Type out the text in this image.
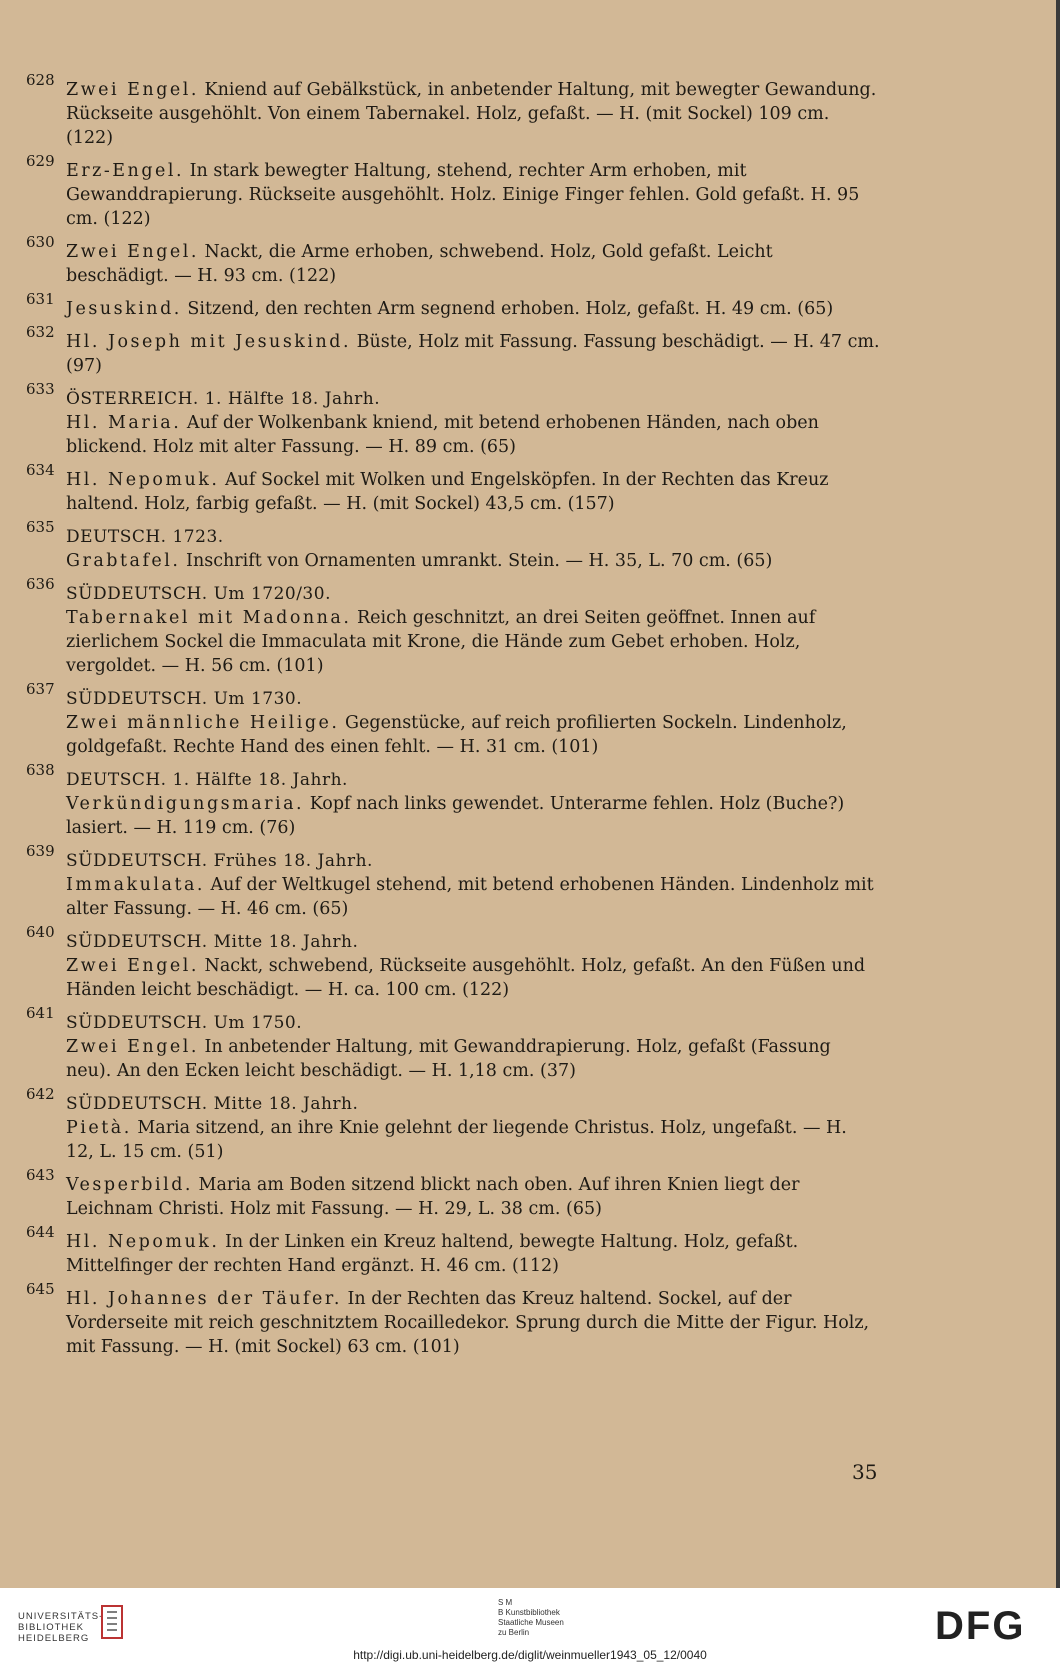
628 Zwei Engel. Kniend auf Gebälkstück, in anbetender Haltung, mit bewegter Gewandung. Rückseite ausgehöhlt. Von einem Tabernakel. Holz, gefaßt. — H. (mit Sockel) 109 cm. (122)
629 Erz-Engel. In stark bewegter Haltung, stehend, rechter Arm erhoben, mit Gewanddrapierung. Rückseite ausgehöhlt. Holz. Einige Finger fehlen. Gold gefaßt. H. 95 cm. (122)
630 Zwei Engel. Nackt, die Arme erhoben, schwebend. Holz, Gold gefaßt. Leicht beschädigt. — H. 93 cm. (122)
631 Jesuskind. Sitzend, den rechten Arm segnend erhoben. Holz, gefaßt. H. 49 cm. (65)
632 Hl. Joseph mit Jesuskind. Büste, Holz mit Fassung. Fassung beschädigt. — H. 47 cm. (97)
633 ÖSTERREICH. 1. Hälfte 18. Jahrh.
Hl. Maria. Auf der Wolkenbank kniend, mit betend erhobenen Händen, nach oben blickend. Holz mit alter Fassung. — H. 89 cm. (65)
634 Hl. Nepomuk. Auf Sockel mit Wolken und Engelsköpfen. In der Rechten das Kreuz haltend. Holz, farbig gefaßt. — H. (mit Sockel) 43,5 cm. (157)
635 DEUTSCH. 1723.
Grabtafel. Inschrift von Ornamenten umrankt. Stein. — H. 35, L. 70 cm. (65)
636 SÜDDEUTSCH. Um 1720/30.
Tabernakel mit Madonna. Reich geschnitzt, an drei Seiten geöffnet. Innen auf zierlichem Sockel die Immaculata mit Krone, die Hände zum Gebet erhoben. Holz, vergoldet. — H. 56 cm. (101)
637 SÜDDEUTSCH. Um 1730.
Zwei männliche Heilige. Gegenstücke, auf reich profilierten Sockeln. Lindenholz, goldgefaßt. Rechte Hand des einen fehlt. — H. 31 cm. (101)
638 DEUTSCH. 1. Hälfte 18. Jahrh.
Verkündigungsmaria. Kopf nach links gewendet. Unterarme fehlen. Holz (Buche?) lasiert. — H. 119 cm. (76)
639 SÜDDEUTSCH. Frühes 18. Jahrh.
Immakulata. Auf der Weltkugel stehend, mit betend erhobenen Händen. Lindenholz mit alter Fassung. — H. 46 cm. (65)
640 SÜDDEUTSCH. Mitte 18. Jahrh.
Zwei Engel. Nackt, schwebend, Rückseite ausgehöhlt. Holz, gefaßt. An den Füßen und Händen leicht beschädigt. — H. ca. 100 cm. (122)
641 SÜDDEUTSCH. Um 1750.
Zwei Engel. In anbetender Haltung, mit Gewanddrapierung. Holz, gefaßt (Fassung neu). An den Ecken leicht beschädigt. — H. 1,18 cm. (37)
642 SÜDDEUTSCH. Mitte 18. Jahrh.
Pietà. Maria sitzend, an ihre Knie gelehnt der liegende Christus. Holz, ungefaßt. — H. 12, L. 15 cm. (51)
643 Vesperbild. Maria am Boden sitzend blickt nach oben. Auf ihren Knien liegt der Leichnam Christi. Holz mit Fassung. — H. 29, L. 38 cm. (65)
644 Hl. Nepomuk. In der Linken ein Kreuz haltend, bewegte Haltung. Holz, gefaßt. Mittelfinger der rechten Hand ergänzt. H. 46 cm. (112)
645 Hl. Johannes der Täufer. In der Rechten das Kreuz haltend. Sockel, auf der Vorderseite mit reich geschnitztem Rocailledekor. Sprung durch die Mitte der Figur. Holz, mit Fassung. — H. (mit Sockel) 63 cm. (101)
35
UNIVERSITÄTS-
BIBLIOTHEK
HEIDELBERG
S M
B Kunstbibliothek
Staatliche Museen
zu Berlin	DFG
http://digi.ub.uni-heidelberg.de/diglit/weinmueller1943_05_12/0040
